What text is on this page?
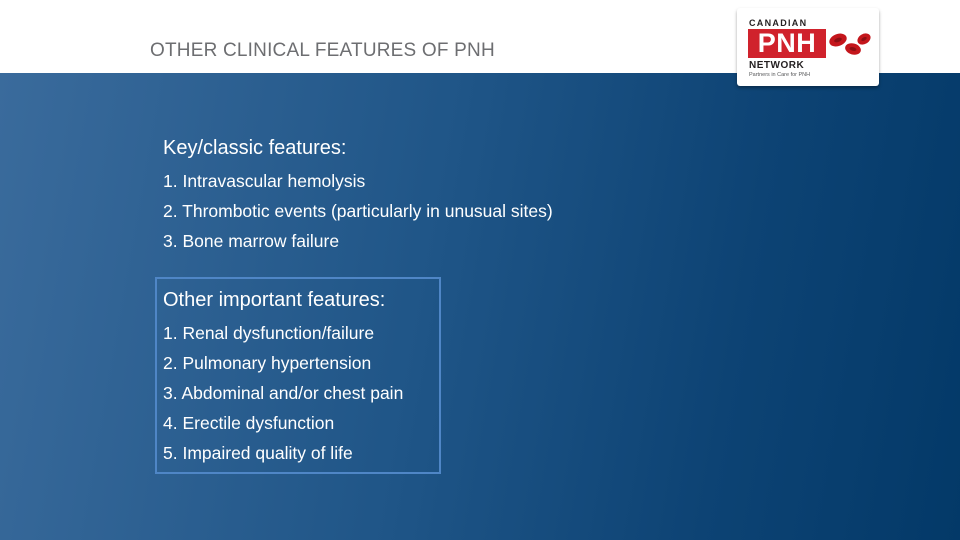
OTHER CLINICAL FEATURES OF PNH
CANADIAN
PNH
NETWORK
Partners in Care for PNH
Key/classic features:
1. Intravascular hemolysis
2. Thrombotic events (particularly in unusual sites)
3. Bone marrow failure
Other important features:
1. Renal dysfunction/failure
2. Pulmonary hypertension
3. Abdominal and/or chest pain
4. Erectile dysfunction
5. Impaired quality of life
